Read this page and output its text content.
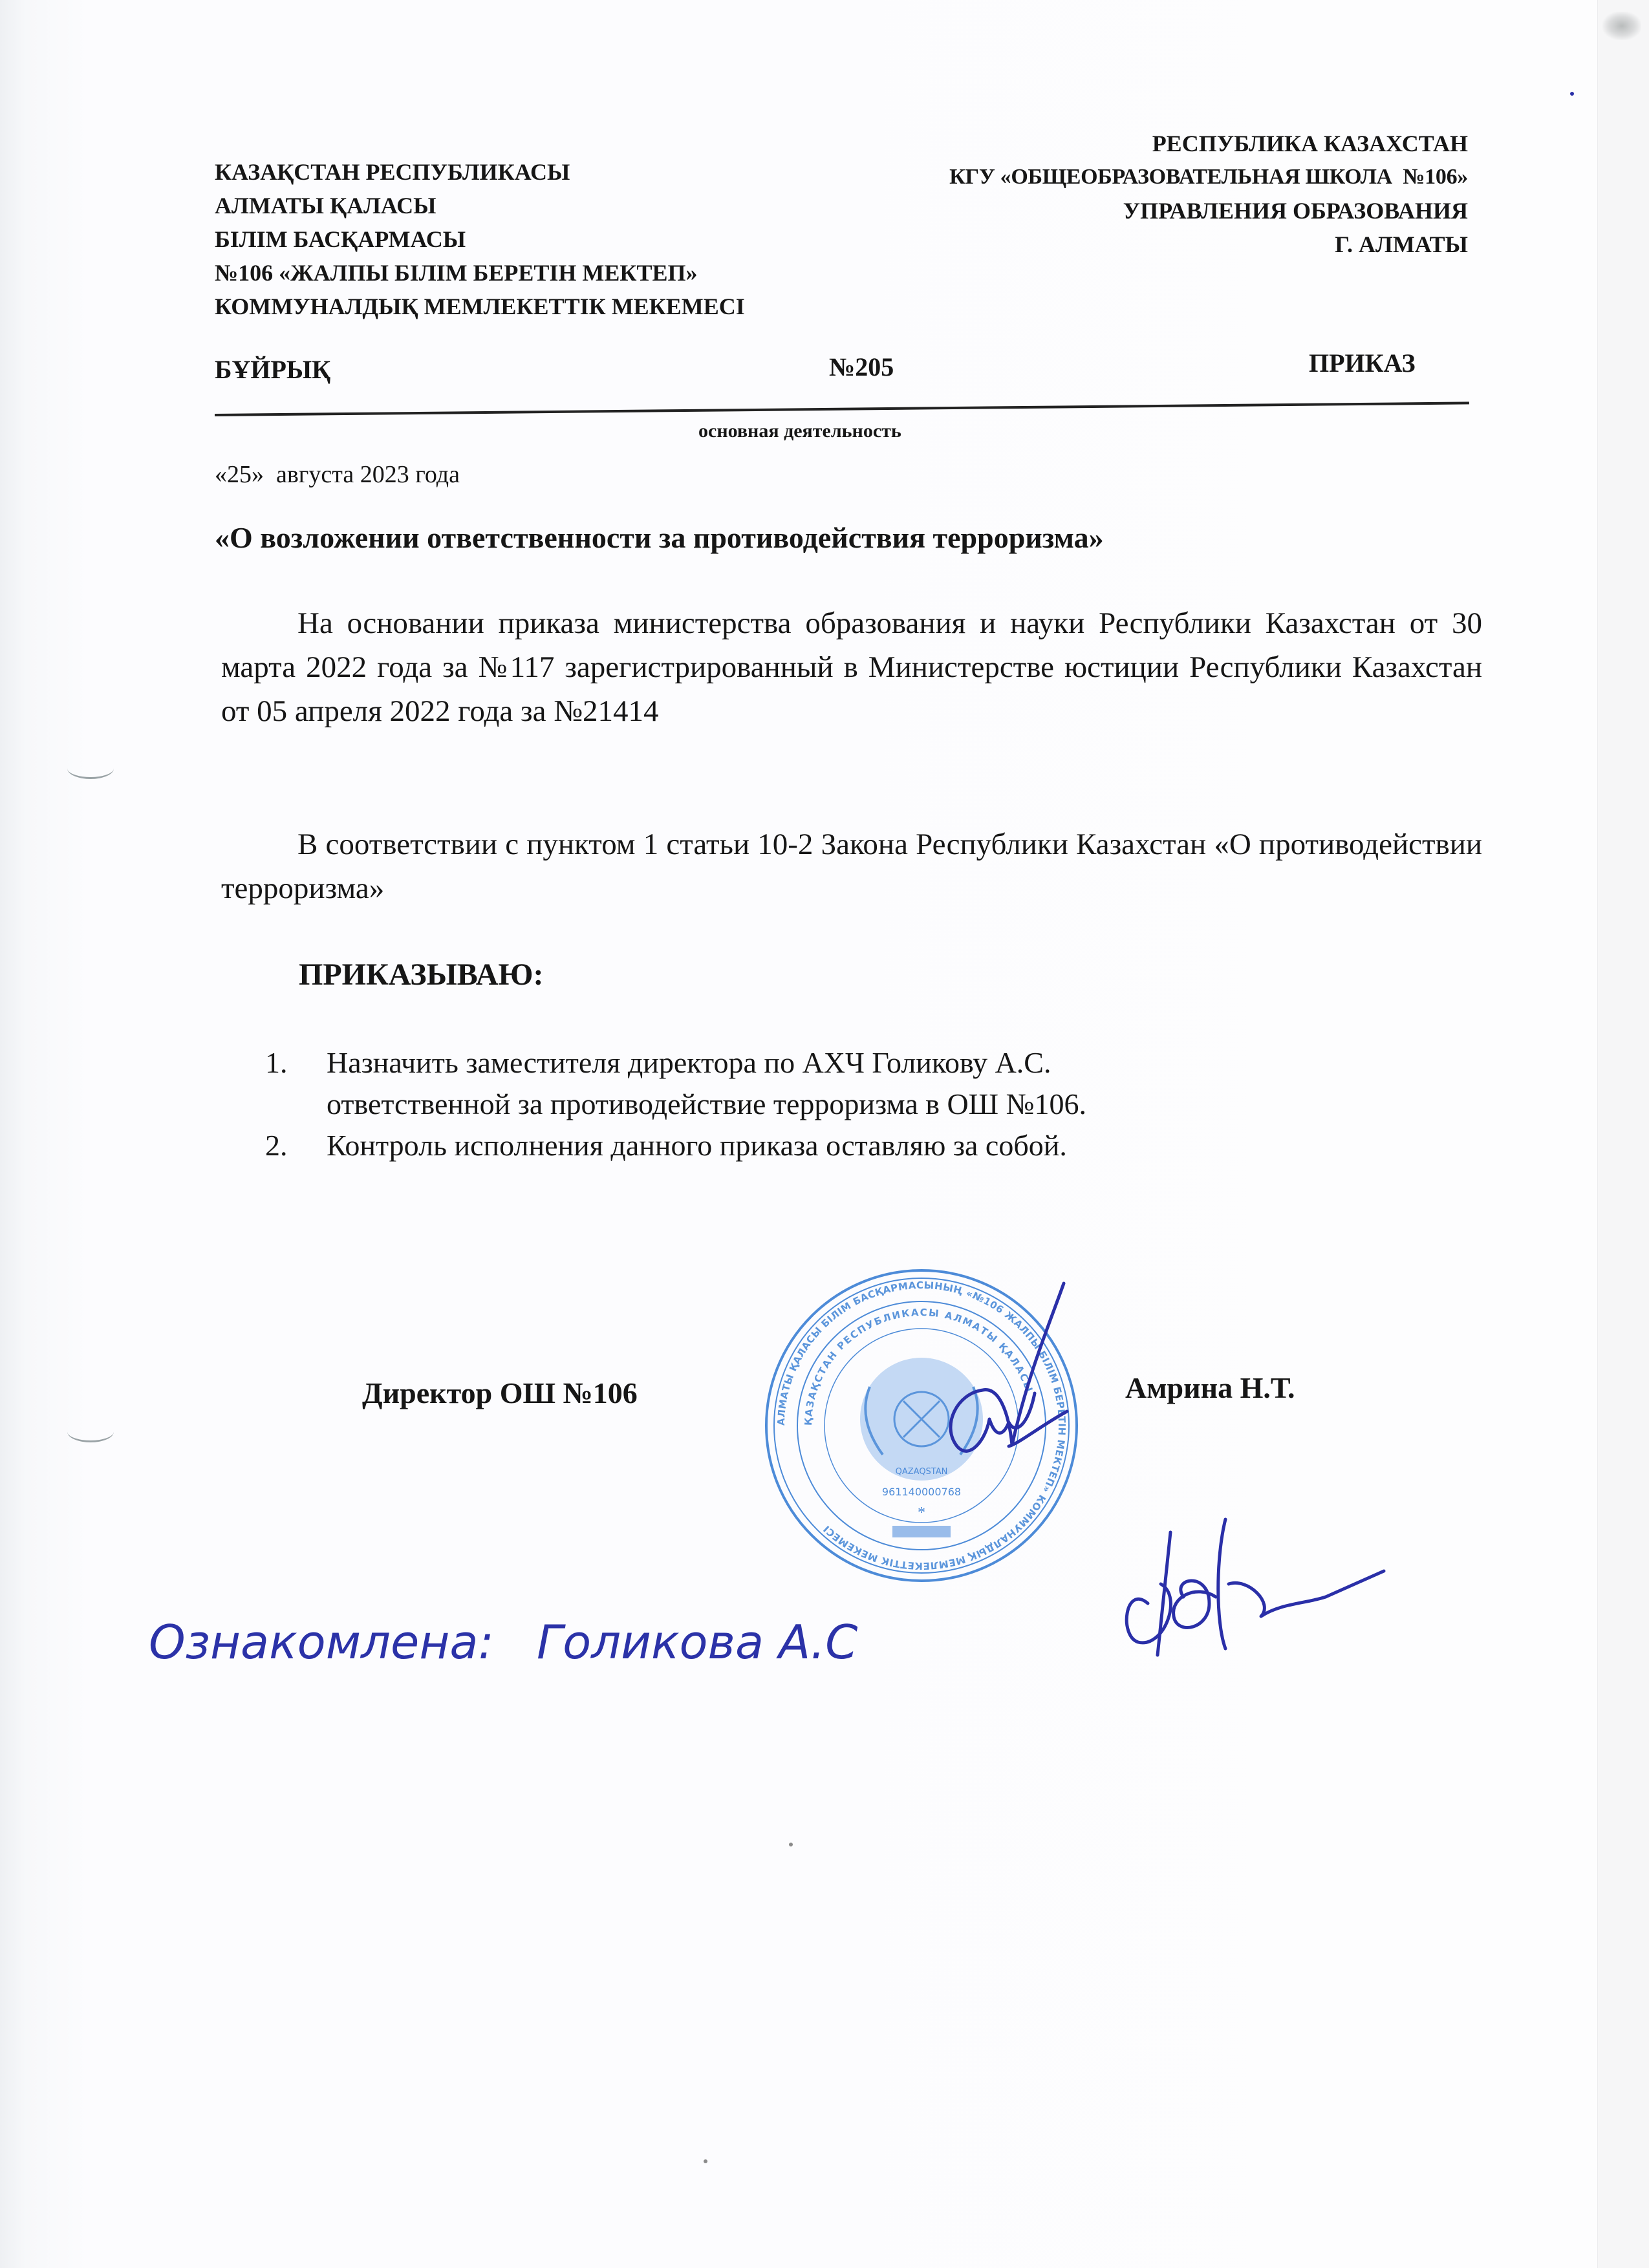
КАЗАҚСТАН РЕСПУБЛИКАСЫ
АЛМАТЫ ҚАЛАСЫ
БІЛІМ БАСҚАРМАСЫ
№106 «ЖАЛПЫ БІЛІМ БЕРЕТІН МЕКТЕП»
КОММУНАЛДЫҚ МЕМЛЕКЕТТІК МЕКЕМЕСІ
РЕСПУБЛИКА КАЗАХСТАН
КГУ «ОБЩЕОБРАЗОВАТЕЛЬНАЯ ШКОЛА  №106»
УПРАВЛЕНИЯ ОБРАЗОВАНИЯ
Г. АЛМАТЫ
БҰЙРЫҚ	№205	ПРИКАЗ
основная деятельность
«25»  августа 2023 года
«О возложении ответственности за противодействия терроризма»
На основании приказа министерства образования и науки Республики Казахстан от 30 марта 2022 года за №117 зарегистрированный в Министерстве юстиции Республики Казахстан от 05 апреля 2022 года за №21414
В соответствии с пунктом 1 статьи 10-2 Закона Республики Казахстан «О противодействии терроризма»
ПРИКАЗЫВАЮ:
1. Назначить заместителя директора по АХЧ Голикову А.С.
ответственной за противодействие терроризма в ОШ №106.
2. Контроль исполнения данного приказа оставляю за собой.
Директор ОШ №106	Амрина Н.Т.
АЛМАТЫ ҚАЛАСЫ БІЛІМ БАСҚАРМАСЫНЫҢ «№106 ЖАЛПЫ БІЛІМ БЕРЕТІН МЕКТЕП» КОММУНАЛДЫҚ МЕМЛЕКЕТТІК МЕКЕМЕСІ
ҚАЗАҚСТАН РЕСПУБЛИКАСЫ АЛМАТЫ ҚАЛАСЫ
QAZAQSTAN
961140000768
*
Ознакомлена: Голикова А.С
